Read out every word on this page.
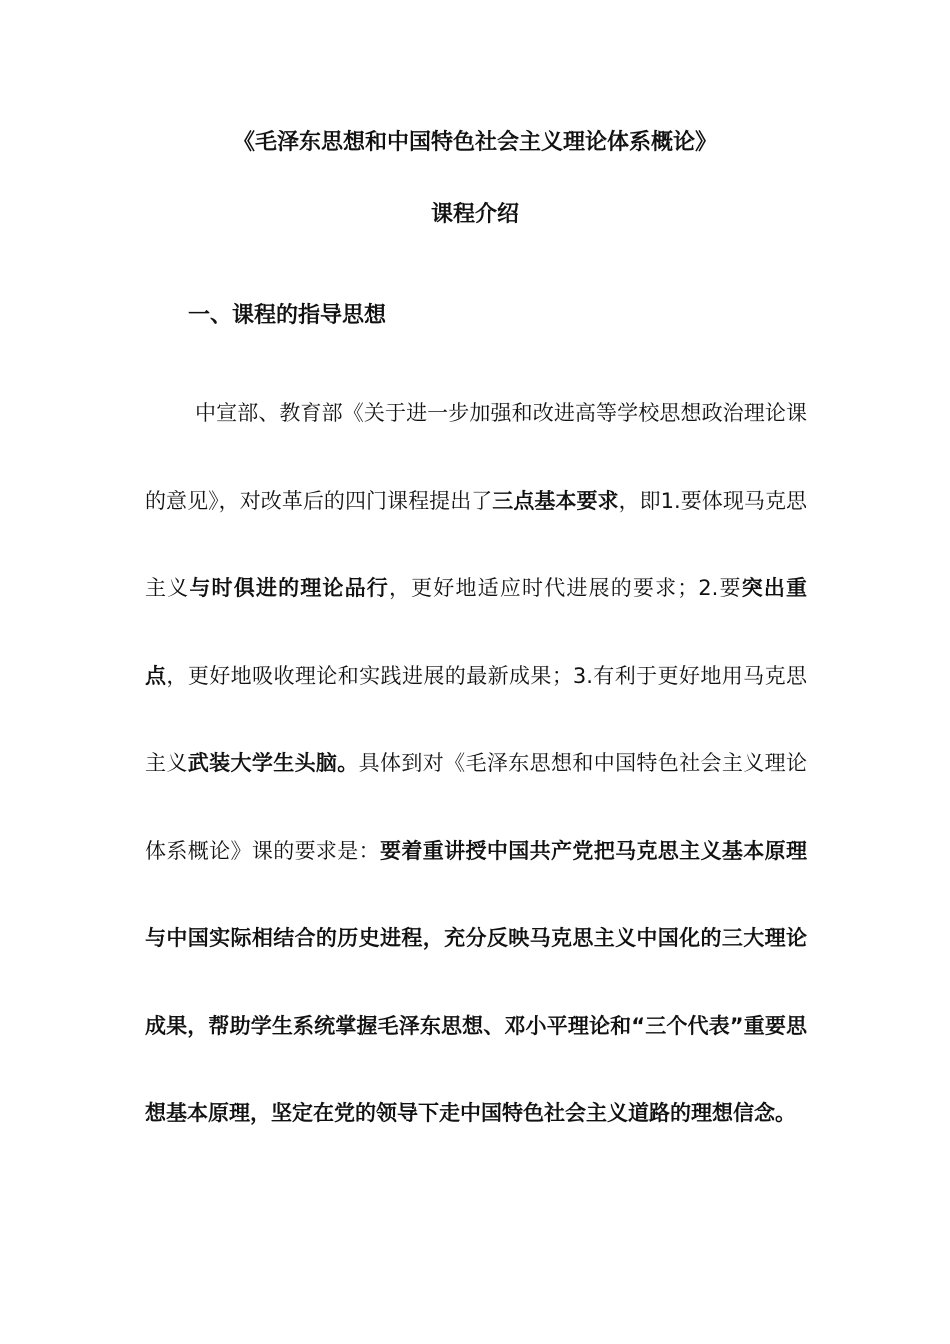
《毛泽东思想和中国特色社会主义理论体系概论》
课程介绍
一、课程的指导思想

中宣部、教育部《关于进一步加强和改进高等学校思想政治理论课的意见》，对改革后的四门课程提出了三点基本要求，即1.要体现马克思主义与时俱进的理论品行，更好地适应时代进展的要求；2.要突出重点，更好地吸收理论和实践进展的最新成果；3.有利于更好地用马克思主义武装大学生头脑。具体到对《毛泽东思想和中国特色社会主义理论体系概论》课的要求是：要着重讲授中国共产党把马克思主义基本原理与中国实际相结合的历史进程，充分反映马克思主义中国化的三大理论成果，帮助学生系统掌握毛泽东思想、邓小平理论和“三个代表”重要思想基本原理，坚定在党的领导下走中国特色社会主义道路的理想信念。
